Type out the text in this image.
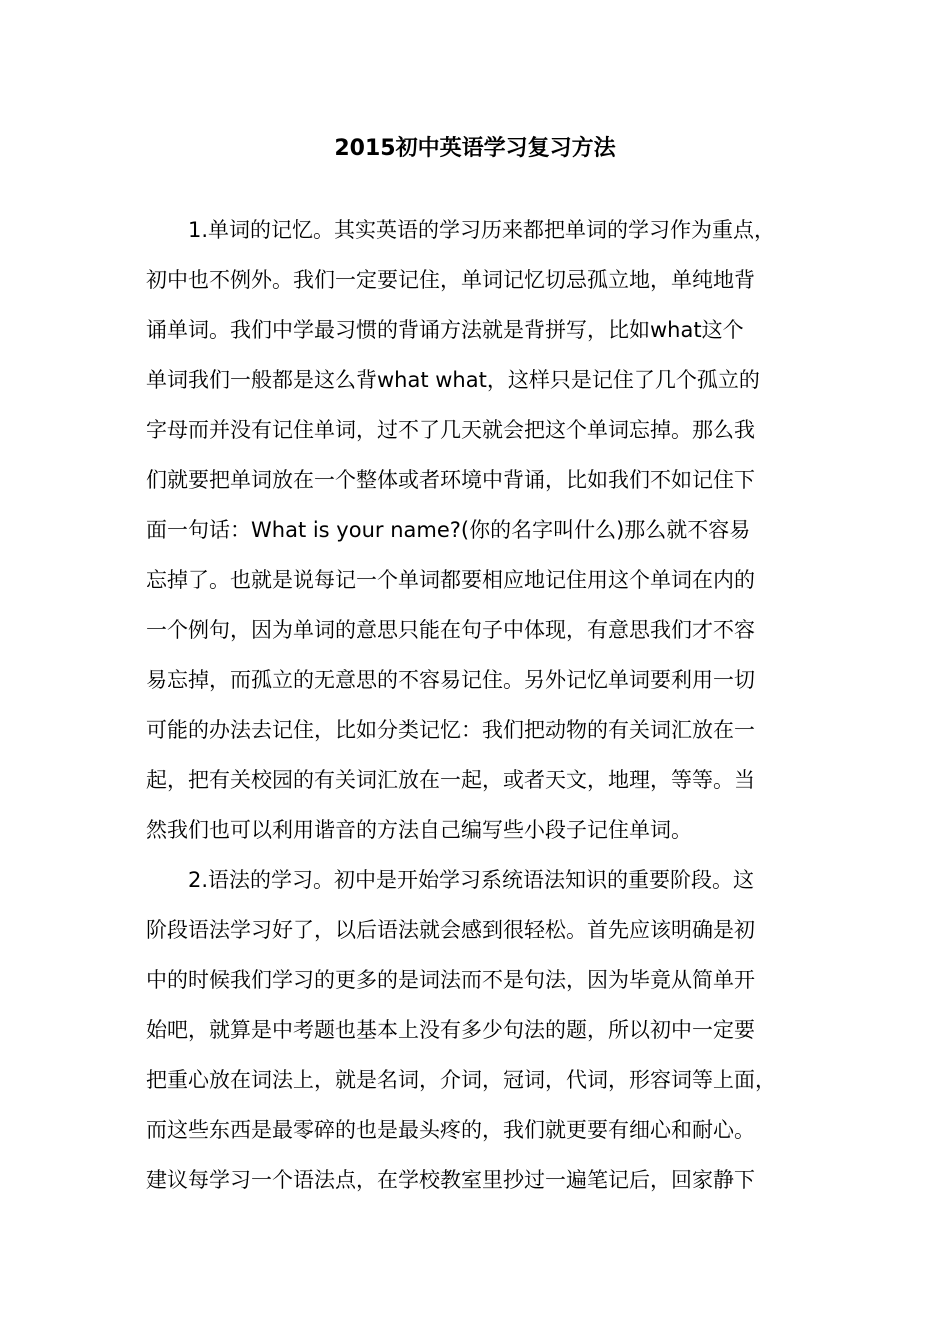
2015初中英语学习复习方法

1.单词的记忆。其实英语的学习历来都把单词的学习作为重点，

初中也不例外。我们一定要记住，单词记忆切忌孤立地，单纯地背

诵单词。我们中学最习惯的背诵方法就是背拼写，比如what这个

单词我们一般都是这么背what what，这样只是记住了几个孤立的

字母而并没有记住单词，过不了几天就会把这个单词忘掉。那么我

们就要把单词放在一个整体或者环境中背诵，比如我们不如记住下

面一句话：What is your name?(你的名字叫什么)那么就不容易

忘掉了。也就是说每记一个单词都要相应地记住用这个单词在内的

一个例句，因为单词的意思只能在句子中体现，有意思我们才不容

易忘掉，而孤立的无意思的不容易记住。另外记忆单词要利用一切

可能的办法去记住，比如分类记忆：我们把动物的有关词汇放在一

起，把有关校园的有关词汇放在一起，或者天文，地理，等等。当

然我们也可以利用谐音的方法自己编写些小段子记住单词。

2.语法的学习。初中是开始学习系统语法知识的重要阶段。这

阶段语法学习好了，以后语法就会感到很轻松。首先应该明确是初

中的时候我们学习的更多的是词法而不是句法，因为毕竟从简单开

始吧，就算是中考题也基本上没有多少句法的题，所以初中一定要

把重心放在词法上，就是名词，介词，冠词，代词，形容词等上面，

而这些东西是最零碎的也是最头疼的，我们就更要有细心和耐心。

建议每学习一个语法点，在学校教室里抄过一遍笔记后，回家静下
